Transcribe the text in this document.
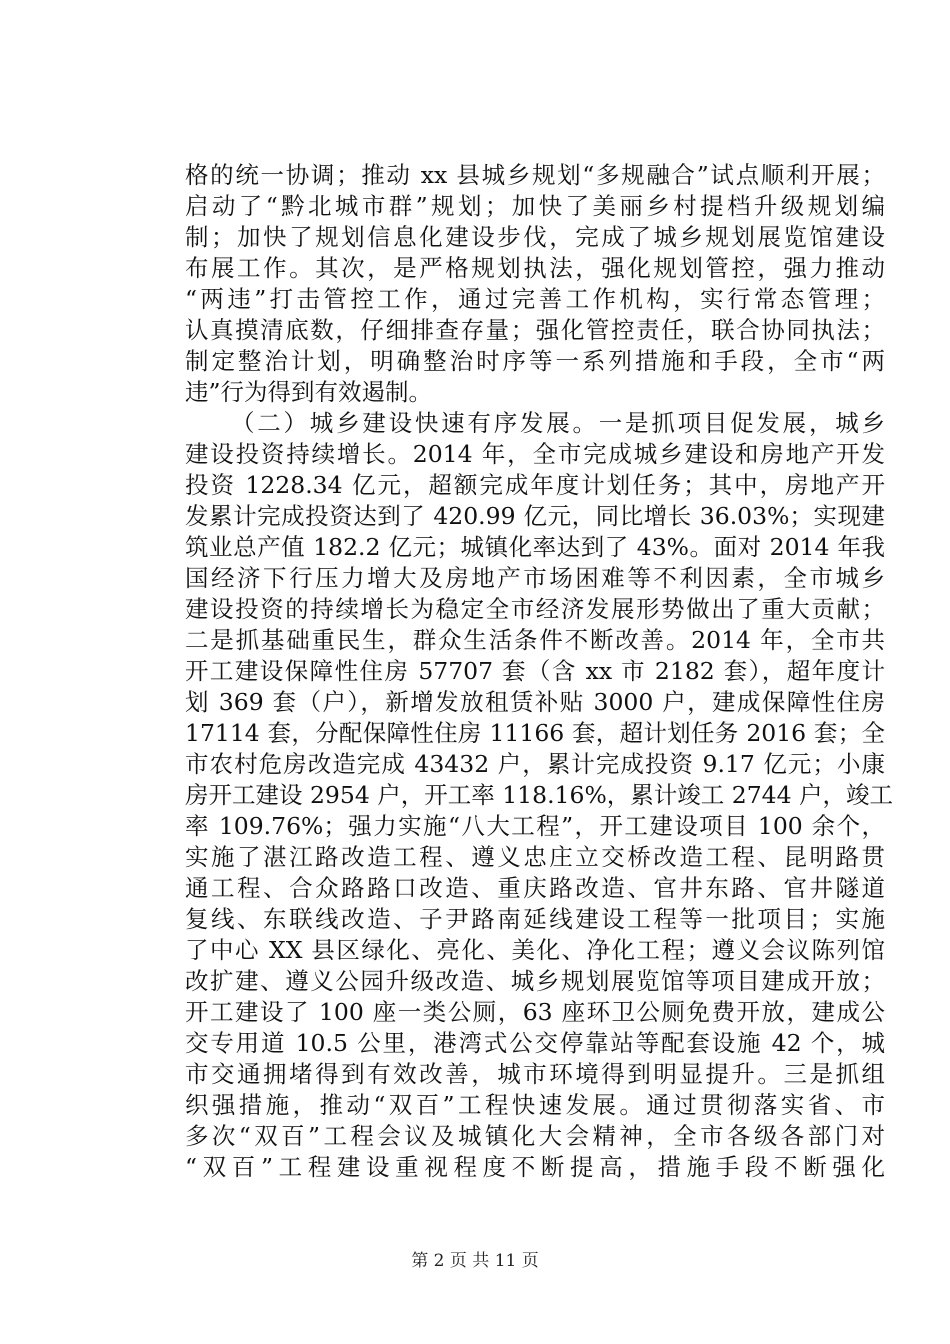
格的统一协调；推动 xx 县城乡规划“多规融合”试点顺利开展；
启动了“黔北城市群”规划；加快了美丽乡村提档升级规划编
制；加快了规划信息化建设步伐，完成了城乡规划展览馆建设
布展工作。其次，是严格规划执法，强化规划管控，强力推动
“两违”打击管控工作，通过完善工作机构，实行常态管理；
认真摸清底数，仔细排查存量；强化管控责任，联合协同执法；
制定整治计划，明确整治时序等一系列措施和手段，全市“两
违”行为得到有效遏制。
（二）城乡建设快速有序发展。一是抓项目促发展，城乡
建设投资持续增长。2014 年，全市完成城乡建设和房地产开发
投资 1228.34 亿元，超额完成年度计划任务；其中，房地产开
发累计完成投资达到了 420.99 亿元，同比增长 36.03%；实现建
筑业总产值 182.2 亿元；城镇化率达到了 43%。面对 2014 年我
国经济下行压力增大及房地产市场困难等不利因素，全市城乡
建设投资的持续增长为稳定全市经济发展形势做出了重大贡献；
二是抓基础重民生，群众生活条件不断改善。2014 年，全市共
开工建设保障性住房 57707 套（含 xx 市 2182 套），超年度计
划 369 套（户），新增发放租赁补贴 3000 户，建成保障性住房
17114 套，分配保障性住房 11166 套，超计划任务 2016 套；全
市农村危房改造完成 43432 户，累计完成投资 9.17 亿元；小康
房开工建设 2954 户，开工率 118.16%，累计竣工 2744 户，竣工
率 109.76%；强力实施“八大工程”，开工建设项目 100 余个，
实施了湛江路改造工程、遵义忠庄立交桥改造工程、昆明路贯
通工程、合众路路口改造、重庆路改造、官井东路、官井隧道
复线、东联线改造、子尹路南延线建设工程等一批项目；实施
了中心 XX 县区绿化、亮化、美化、净化工程；遵义会议陈列馆
改扩建、遵义公园升级改造、城乡规划展览馆等项目建成开放；
开工建设了 100 座一类公厕，63 座环卫公厕免费开放，建成公
交专用道 10.5 公里，港湾式公交停靠站等配套设施 42 个，城
市交通拥堵得到有效改善，城市环境得到明显提升。三是抓组
织强措施，推动“双百”工程快速发展。通过贯彻落实省、市
多次“双百”工程会议及城镇化大会精神，全市各级各部门对
“双百”工程建设重视程度不断提高，措施手段不断强化
第 2 页 共 11 页
